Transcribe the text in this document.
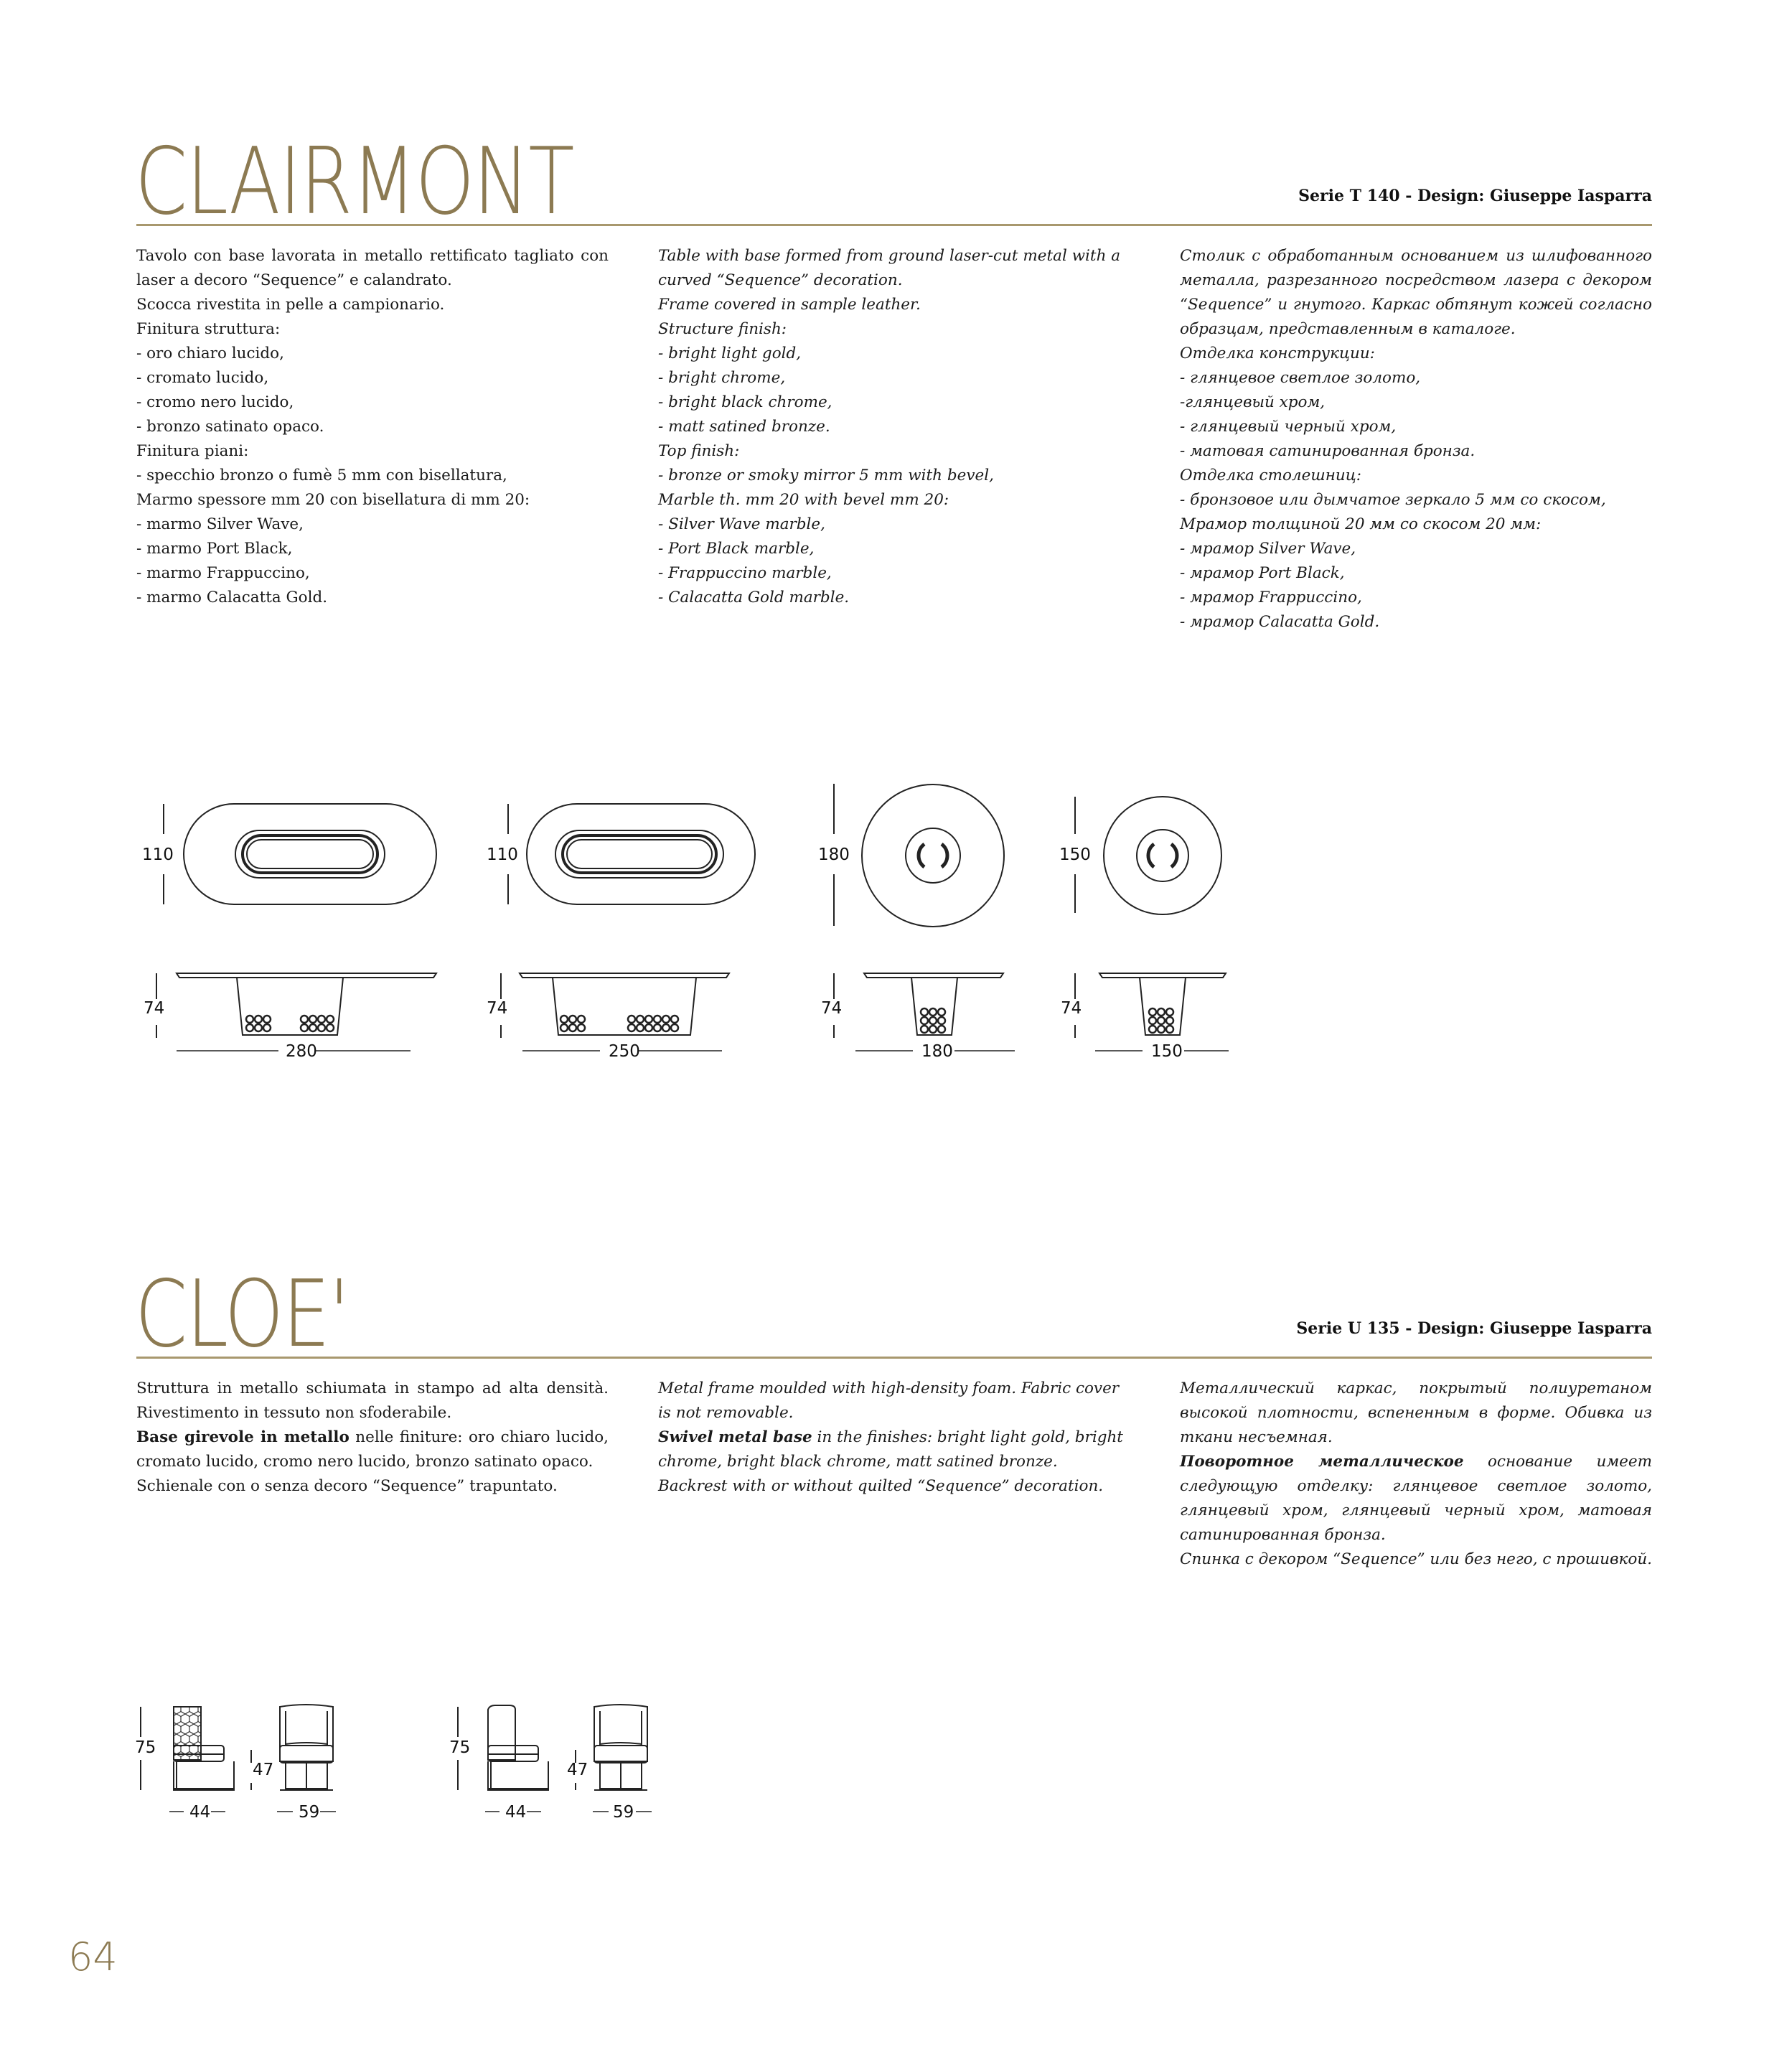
CLAIRMONT	Serie T 140 - Design: Giuseppe Iasparra

Tavolo con base lavorata in metallo rettificato tagliato con laser a decoro “Sequence” e calandrato.

Scocca rivestita in pelle a campionario.

Finitura struttura:

- oro chiaro lucido,

- cromato lucido,

- cromo nero lucido,

- bronzo satinato opaco.

Finitura piani:

- specchio bronzo o fumè 5 mm con bisellatura,

Marmo spessore mm 20 con bisellatura di mm 20:

- marmo Silver Wave,

- marmo Port Black,

- marmo Frappuccino,

- marmo Calacatta Gold.

Table with base formed from ground laser-cut metal with a curved “Sequence” decoration.

Frame covered in sample leather.

Structure finish:

- bright light gold,

- bright chrome,

- bright black chrome,

- matt satined bronze.

Top finish:

- bronze or smoky mirror 5 mm with bevel,

Marble th. mm 20 with bevel mm 20:

- Silver Wave marble,

- Port Black marble,

- Frappuccino marble,

- Calacatta Gold marble.

Столик с обработанным основанием из шлифованного металла, разрезанного посредством лазера с декором “Sequence” и гнутого. Каркас обтянут кожей согласно образцам, представленным в каталоге.

Отделка конструкции:

- глянцевое светлое золото,

-глянцевый хром,

- глянцевый черный хром,

- матовая сатинированная бронза.

Отделка столешниц:

- бронзовое или дымчатое зеркало 5 мм со скосом,

Мрамор толщиной 20 мм со скосом 20 мм:

- мрамор Silver Wave,

- мрамор Port Black,

- мрамор Frappuccino,

- мрамор Calacatta Gold.

110	110	180	150
74
280
74
250
74
180
74
150
CLOE'	Serie U 135 - Design: Giuseppe Iasparra

Struttura in metallo schiumata in stampo ad alta densità. Rivestimento in tessuto non sfoderabile.

Base girevole in metallo nelle finiture: oro chiaro lucido, cromato lucido, cromo nero lucido, bronzo satinato opaco.

Schienale con o senza decoro “Sequence” trapuntato.

Metal frame moulded with high-density foam. Fabric cover is not removable.

Swivel metal base in the finishes: bright light gold, bright chrome, bright black chrome, matt satined bronze.

Backrest with or without quilted “Sequence” decoration.

Металлический каркас, покрытый полиуретаном высокой плотности, вспененным в форме. Обивка из ткани несъемная.

Поворотное металлическое основание имеет следующую отделку: глянцевое светлое золото, глянцевый хром, глянцевый черный хром, матовая сатинированная бронза.

Спинка с декором “Sequence” или без него, с прошивкой.

75
44
47
59
75
44
47
59
64
